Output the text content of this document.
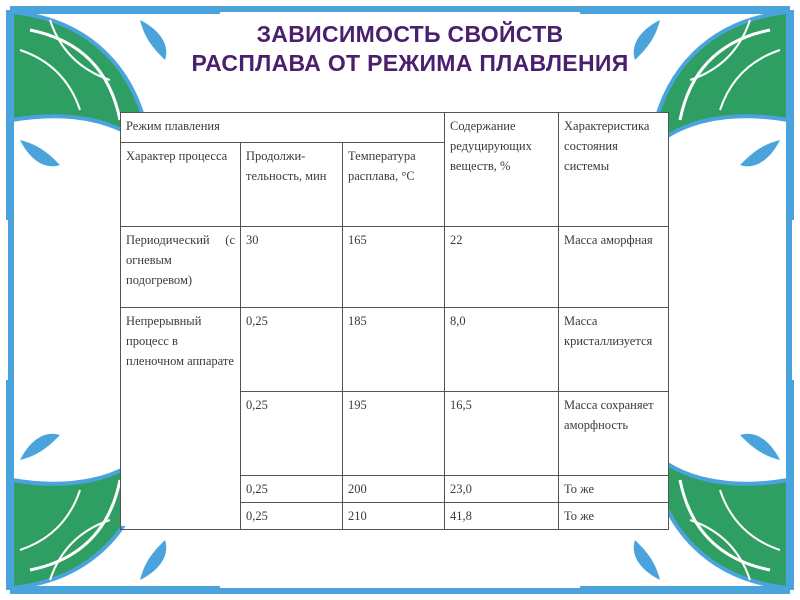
ЗАВИСИМОСТЬ СВОЙСТВ
РАСПЛАВА ОТ РЕЖИМА ПЛАВЛЕНИЯ
Режим плавления			Содержание редуцирующих веществ, %	Характеристика состояния системы
Характер процесса	Продолжи-тельность, мин	Температура расплава, °С		
Периодический (с огневым подогревом)	30	165	22	Масса аморфная
Непрерывный процесс в пленочном аппарате	0,25	185	8,0	Масса кристаллизуется
	0,25	195	16,5	Масса сохраняет аморфность
	0,25	200	23,0	То же
	0,25	210	41,8	То же
